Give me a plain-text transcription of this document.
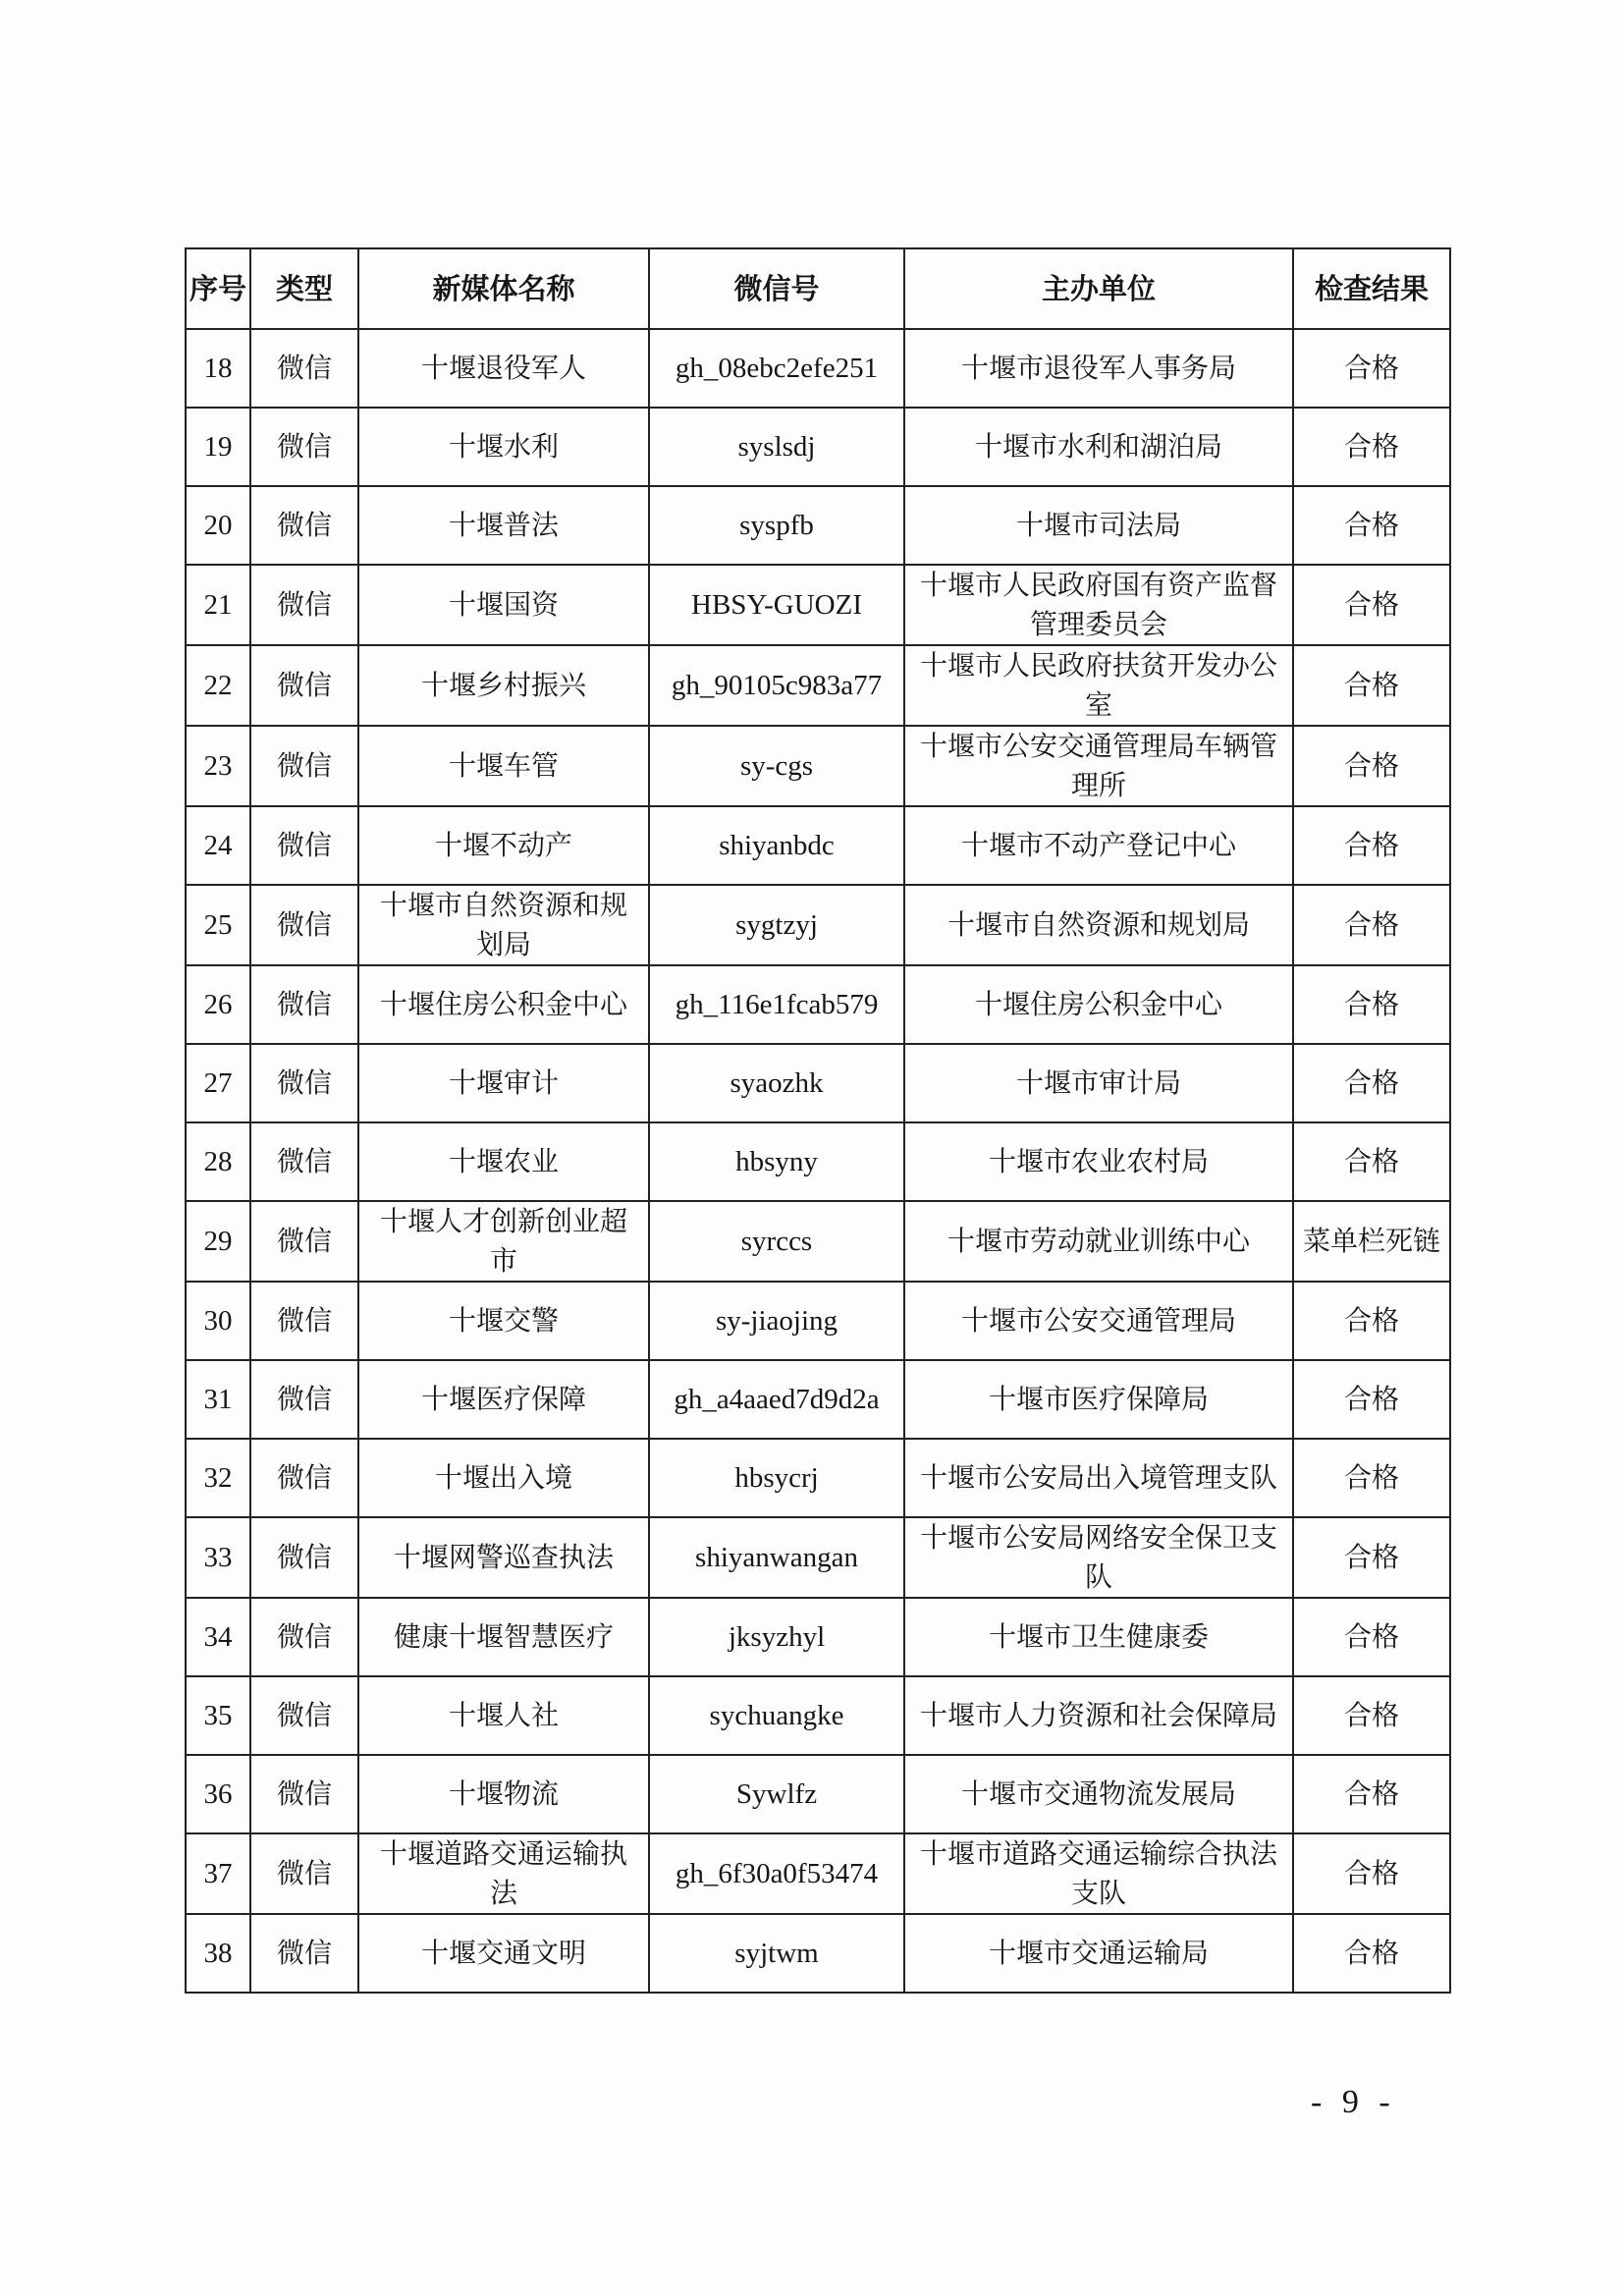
序号	类型	新媒体名称	微信号	主办单位	检查结果
18	微信	十堰退役军人	gh_08ebc2efe251	十堰市退役军人事务局	合格
19	微信	十堰水利	syslsdj	十堰市水利和湖泊局	合格
20	微信	十堰普法	syspfb	十堰市司法局	合格
21	微信	十堰国资	HBSY-GUOZI	十堰市人民政府国有资产监督管理委员会	合格
22	微信	十堰乡村振兴	gh_90105c983a77	十堰市人民政府扶贫开发办公室	合格
23	微信	十堰车管	sy-cgs	十堰市公安交通管理局车辆管理所	合格
24	微信	十堰不动产	shiyanbdc	十堰市不动产登记中心	合格
25	微信	十堰市自然资源和规划局	sygtzyj	十堰市自然资源和规划局	合格
26	微信	十堰住房公积金中心	gh_116e1fcab579	十堰住房公积金中心	合格
27	微信	十堰审计	syaozhk	十堰市审计局	合格
28	微信	十堰农业	hbsyny	十堰市农业农村局	合格
29	微信	十堰人才创新创业超市	syrccs	十堰市劳动就业训练中心	菜单栏死链
30	微信	十堰交警	sy-jiaojing	十堰市公安交通管理局	合格
31	微信	十堰医疗保障	gh_a4aaed7d9d2a	十堰市医疗保障局	合格
32	微信	十堰出入境	hbsycrj	十堰市公安局出入境管理支队	合格
33	微信	十堰网警巡查执法	shiyanwangan	十堰市公安局网络安全保卫支队	合格
34	微信	健康十堰智慧医疗	jksyzhyl	十堰市卫生健康委	合格
35	微信	十堰人社	sychuangke	十堰市人力资源和社会保障局	合格
36	微信	十堰物流	Sywlfz	十堰市交通物流发展局	合格
37	微信	十堰道路交通运输执法	gh_6f30a0f53474	十堰市道路交通运输综合执法支队	合格
38	微信	十堰交通文明	syjtwm	十堰市交通运输局	合格
- 9 -
